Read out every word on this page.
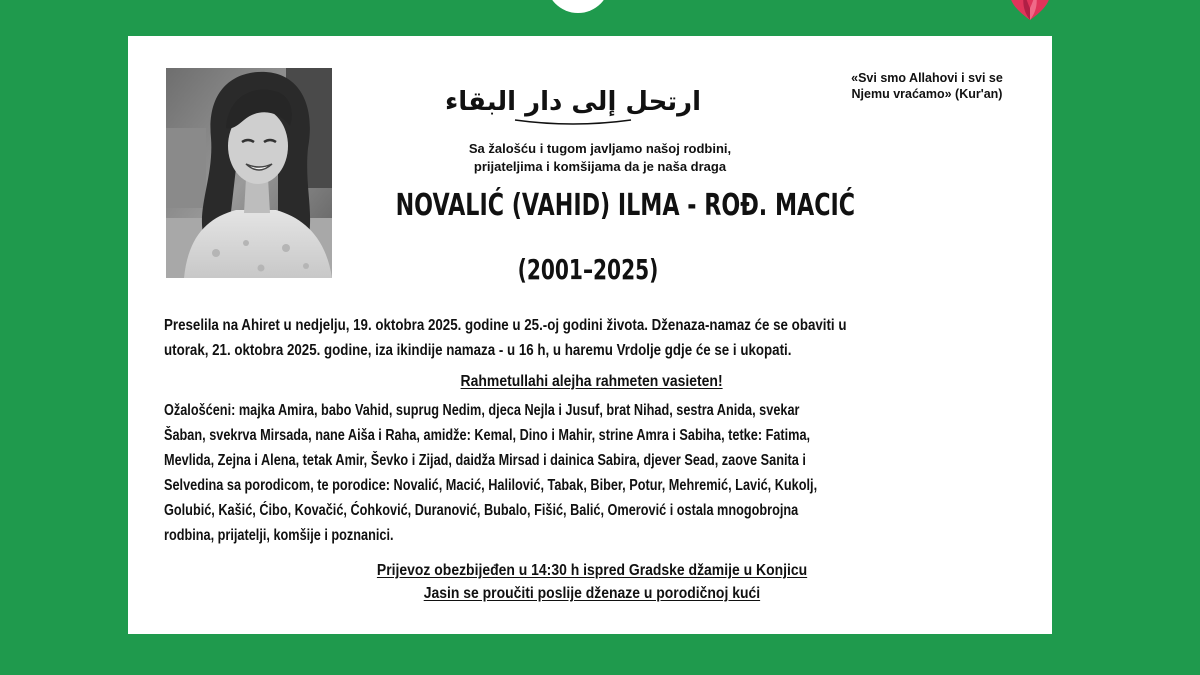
ارتحل إلى دار البقاء
«Svi smo Allahovi i svi se
Njemu vraćamo» (Kur'an)
Sa žalošću i tugom javljamo našoj rodbini,
prijateljima i komšijama da je naša draga
NOVALIĆ (VAHID) ILMA - ROĐ. MACIĆ
(2001–2025)
Preselila na Ahiret u nedjelju, 19. oktobra 2025. godine u 25.-oj godini života. Dženaza-namaz će se obaviti u
utorak, 21. oktobra 2025. godine, iza ikindije namaza - u 16 h, u haremu Vrdolje gdje će se i ukopati.
Rahmetullahi alejha rahmeten vasieten!
Ožalošćeni: majka Amira, babo Vahid, suprug Nedim, djeca Nejla i Jusuf, brat Nihad, sestra Anida, svekar
Šaban, svekrva Mirsada, nane Aiša i Raha, amidže: Kemal, Dino i Mahir, strine Amra i Sabiha, tetke: Fatima,
Mevlida, Zejna i Alena, tetak Amir, Ševko i Zijad, daidža Mirsad i dainica Sabira, djever Sead, zaove Sanita i
Selvedina sa porodicom, te porodice: Novalić, Macić, Halilović, Tabak, Biber, Potur, Mehremić, Lavić, Kukolj,
Golubić, Kašić, Ćibo, Kovačić, Ćohković, Duranović, Bubalo, Fišić, Balić, Omerović i ostala mnogobrojna
rodbina, prijatelji, komšije i poznanici.
Prijevoz obezbijeđen u 14:30 h ispred Gradske džamije u Konjicu
Jasin se proučiti poslije dženaze u porodičnoj kući
